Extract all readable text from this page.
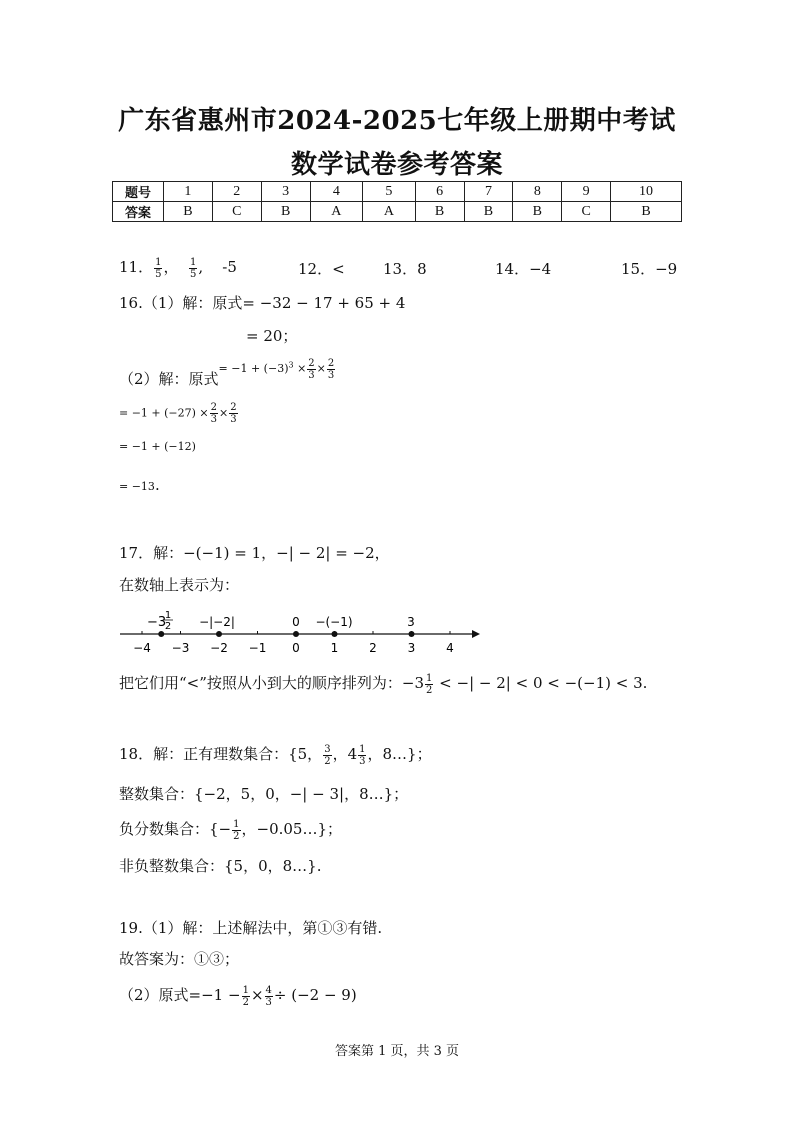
广东省惠州市2024-2025七年级上册期中考试
数学试卷参考答案
题号	1	2	3	4	5	6	7	8	9	10
答案	B	C	B	A	A	B	B	B	C	B
11． $\frac{1}{5}$ ， $\frac{1}{5}$ , -5	12．<	13．8	14．−4	15．−9
16.（1）解：原式= −32 − 17 + 65 + 4
= 20；
（2）解：原式$^{= -1 + (-3)^3 \times \frac{2}{3} \times \frac{2}{3}}$
= $-1 + (-27) \times \frac{2}{3} \times \frac{2}{3}$
= −1 + (−12)
= −13.
17．解：−(−1) = 1，−| − 2| = −2，
在数轴上表示为：
−4 −3 −2 −1 0	1	2	3	4
−3
1
2 −|−2|	0 −(−1)	3
把它们用“<”按照从小到大的顺序排列为：$-3 \frac{1}{2}$ < −| − 2| < 0 < −(−1) < 3.
18．解：正有理数集合：{5， $\frac{3}{2}$ ，$4 \frac{1}{3}$ ，8…}；
整数集合：{−2，5，0，−| − 3|，8…}；
负分数集合：{− $\frac{1}{2}$ ，−0.05…}；
非负整数集合：{5，0，8…}.
19.（1）解：上述解法中，第①③有错.
故答案为：①③；
（2）原式$=-1 - \frac{1}{2} \times \frac{4}{3} \div (-2 - 9)$
答案第 1 页，共 3 页
